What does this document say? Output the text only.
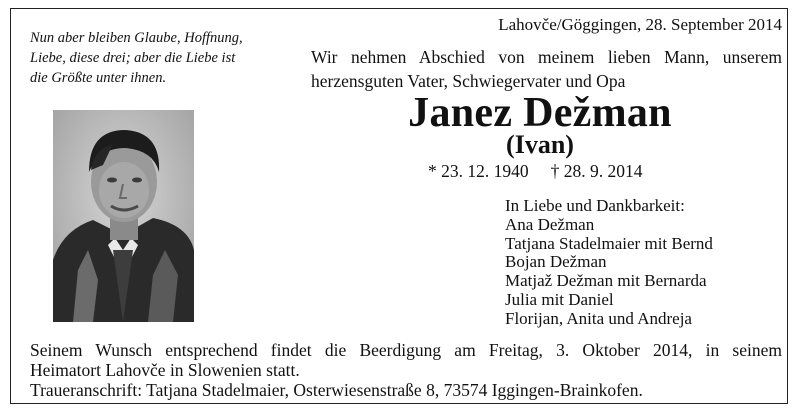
Nun aber bleiben Glaube, Hoffnung,
Liebe, diese drei; aber die Liebe ist
die Größte unter ihnen.
Lahovče/Göggingen, 28. September 2014
Wir nehmen Abschied von meinem lieben Mann, unserem
herzensguten Vater, Schwiegervater und Opa
Janez Dežman
(Ivan)
* 23. 12. 1940 † 28. 9. 2014
In Liebe und Dankbarkeit:
Ana Dežman
Tatjana Stadelmaier mit Bernd
Bojan Dežman
Matjaž Dežman mit Bernarda
Julia mit Daniel
Florijan, Anita und Andreja
Seinem Wunsch entsprechend findet die Beerdigung am Freitag, 3. Oktober 2014, in seinem
Heimatort Lahovče in Slowenien statt.
Traueranschrift: Tatjana Stadelmaier, Osterwiesenstraße 8, 73574 Iggingen-Brainkofen.
